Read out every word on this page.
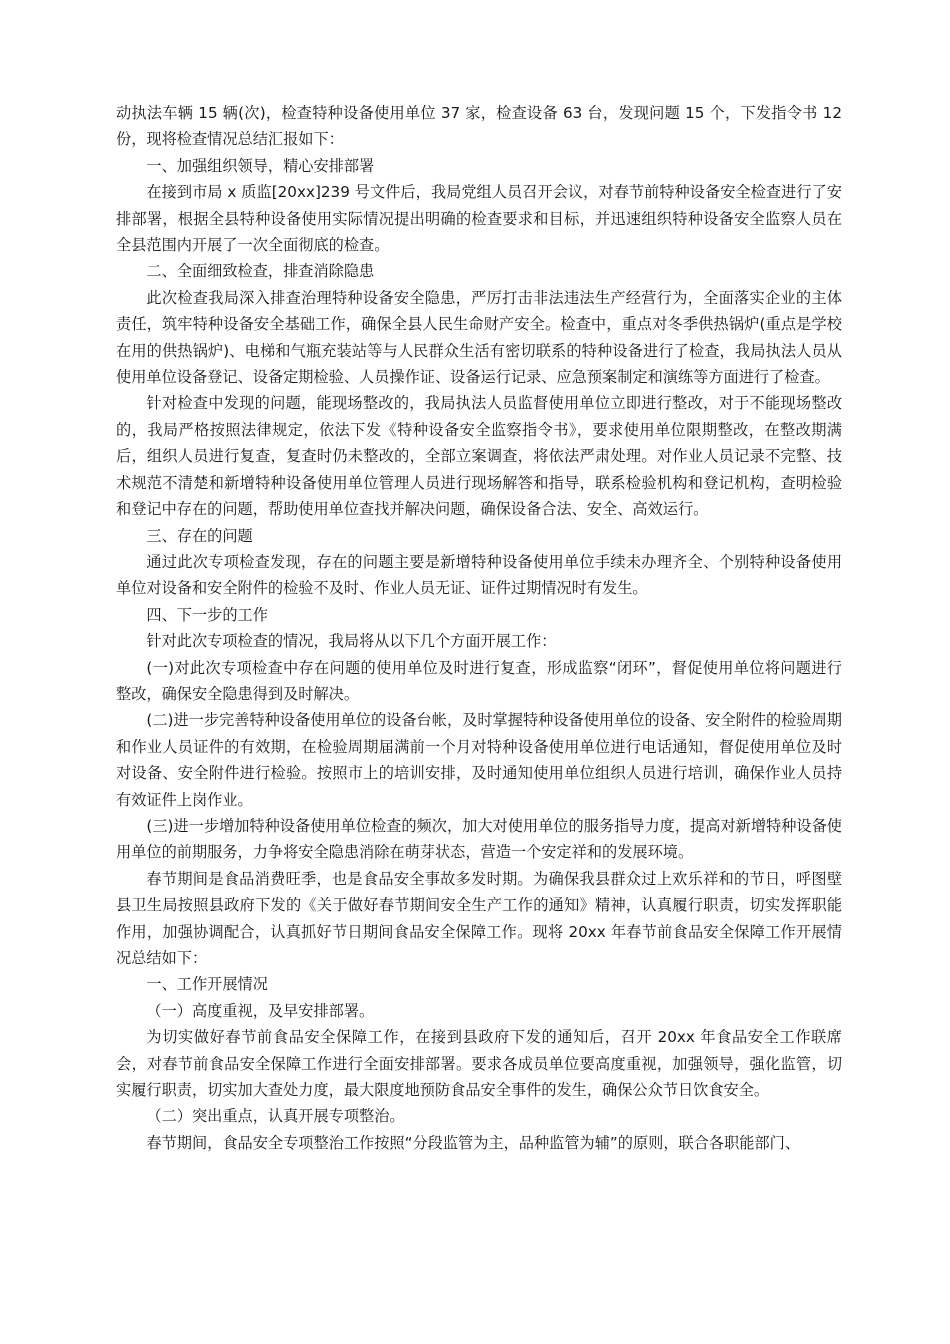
动执法车辆 15 辆(次)，检查特种设备使用单位 37 家，检查设备 63 台，发现问题 15 个，下发指令书 12 份，现将检查情况总结汇报如下：

一、加强组织领导，精心安排部署

在接到市局 x 质监[20xx]239 号文件后，我局党组人员召开会议，对春节前特种设备安全检查进行了安排部署，根据全县特种设备使用实际情况提出明确的检查要求和目标，并迅速组织特种设备安全监察人员在全县范围内开展了一次全面彻底的检查。

二、全面细致检查，排查消除隐患

此次检查我局深入排查治理特种设备安全隐患，严厉打击非法违法生产经营行为，全面落实企业的主体责任，筑牢特种设备安全基础工作，确保全县人民生命财产安全。检查中，重点对冬季供热锅炉(重点是学校在用的供热锅炉)、电梯和气瓶充装站等与人民群众生活有密切联系的特种设备进行了检查，我局执法人员从使用单位设备登记、设备定期检验、人员操作证、设备运行记录、应急预案制定和演练等方面进行了检查。

针对检查中发现的问题，能现场整改的，我局执法人员监督使用单位立即进行整改，对于不能现场整改的，我局严格按照法律规定，依法下发《特种设备安全监察指令书》，要求使用单位限期整改，在整改期满后，组织人员进行复查，复查时仍未整改的，全部立案调查，将依法严肃处理。对作业人员记录不完整、技术规范不清楚和新增特种设备使用单位管理人员进行现场解答和指导，联系检验机构和登记机构，查明检验和登记中存在的问题，帮助使用单位查找并解决问题，确保设备合法、安全、高效运行。

三、存在的问题

通过此次专项检查发现，存在的问题主要是新增特种设备使用单位手续未办理齐全、个别特种设备使用单位对设备和安全附件的检验不及时、作业人员无证、证件过期情况时有发生。

四、下一步的工作

针对此次专项检查的情况，我局将从以下几个方面开展工作：

(一)对此次专项检查中存在问题的使用单位及时进行复查，形成监察“闭环”，督促使用单位将问题进行整改，确保安全隐患得到及时解决。

(二)进一步完善特种设备使用单位的设备台帐，及时掌握特种设备使用单位的设备、安全附件的检验周期和作业人员证件的有效期，在检验周期届满前一个月对特种设备使用单位进行电话通知，督促使用单位及时对设备、安全附件进行检验。按照市上的培训安排，及时通知使用单位组织人员进行培训，确保作业人员持有效证件上岗作业。

(三)进一步增加特种设备使用单位检查的频次，加大对使用单位的服务指导力度，提高对新增特种设备使用单位的前期服务，力争将安全隐患消除在萌芽状态，营造一个安定祥和的发展环境。

春节期间是食品消费旺季，也是食品安全事故多发时期。为确保我县群众过上欢乐祥和的节日，呼图壁县卫生局按照县政府下发的《关于做好春节期间安全生产工作的通知》精神，认真履行职责，切实发挥职能作用，加强协调配合，认真抓好节日期间食品安全保障工作。现将 20xx 年春节前食品安全保障工作开展情况总结如下：

一、工作开展情况

（一）高度重视，及早安排部署。

为切实做好春节前食品安全保障工作，在接到县政府下发的通知后，召开 20xx 年食品安全工作联席会，对春节前食品安全保障工作进行全面安排部署。要求各成员单位要高度重视，加强领导，强化监管，切实履行职责，切实加大查处力度，最大限度地预防食品安全事件的发生，确保公众节日饮食安全。

（二）突出重点，认真开展专项整治。

春节期间，食品安全专项整治工作按照“分段监管为主，品种监管为辅”的原则，联合各职能部门、
